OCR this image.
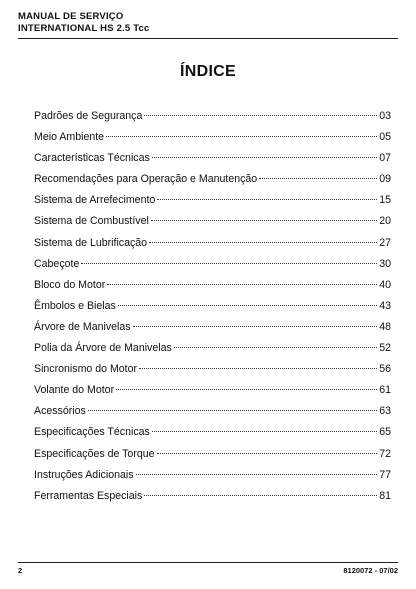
MANUAL DE SERVIÇO
INTERNATIONAL HS 2.5 Tcc
ÍNDICE
Padrões de Segurança	03
Meio Ambiente	05
Características Técnicas	07
Recomendações para Operação e Manutenção	09
Sistema de Arrefecimento	15
Sistema de Combustível	20
Sistema de Lubrificação	27
Cabeçote	30
Bloco do Motor	40
Êmbolos e Bielas	43
Árvore de Manivelas	48
Polia da Árvore de Manivelas	52
Sincronismo do Motor	56
Volante do Motor	61
Acessórios	63
Especificações Técnicas	65
Especificações de Torque	72
Instruções Adicionais	77
Ferramentas Especiais	81
2	8120072 - 07/02
